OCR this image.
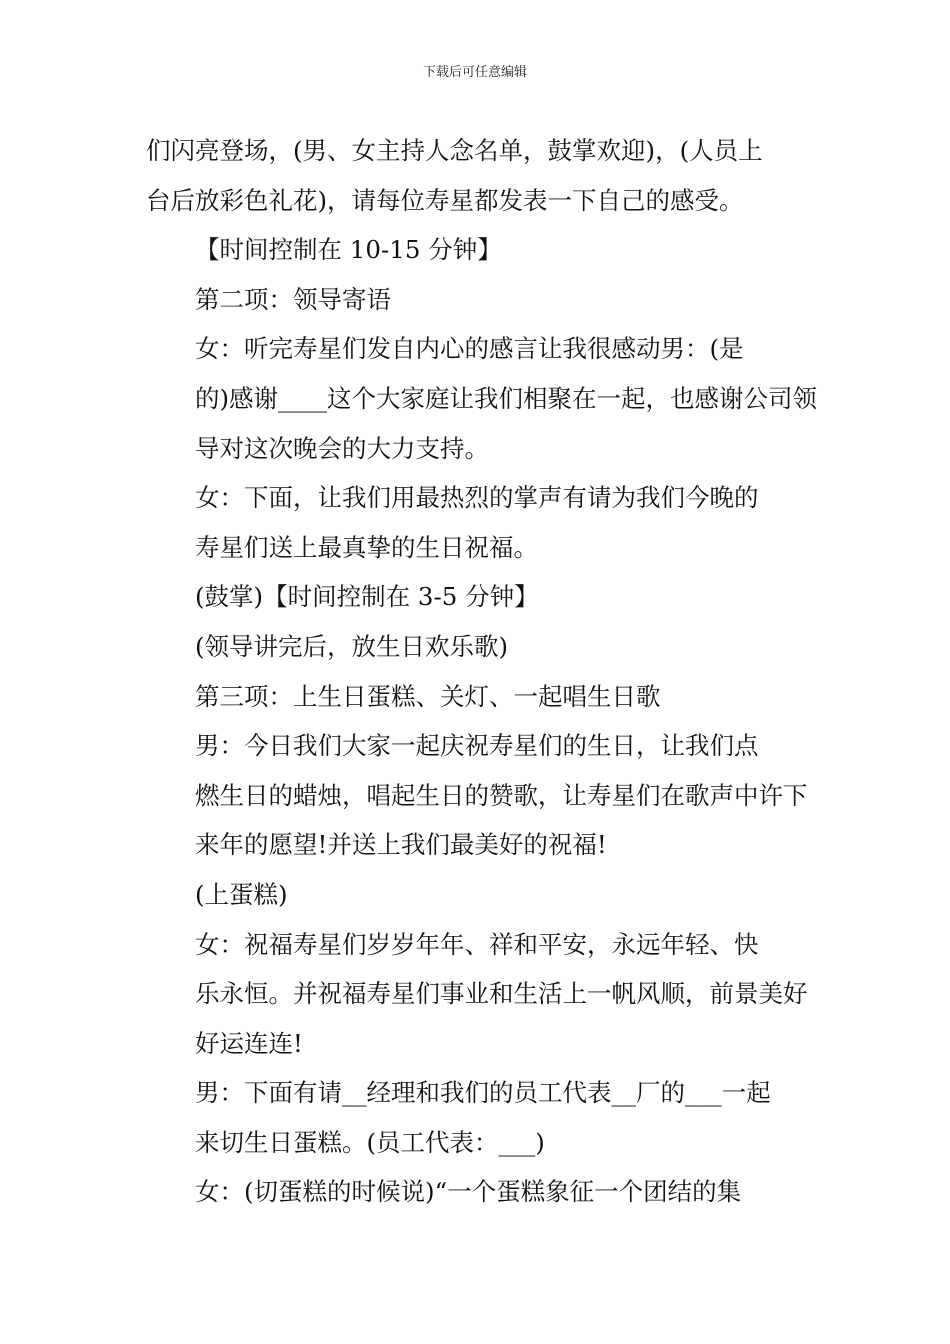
下载后可任意编辑

们闪亮登场，(男、女主持人念名单，鼓掌欢迎)，(人员上
台后放彩色礼花)，请每位寿星都发表一下自己的感受。

【时间控制在 10-15 分钟】

第二项：领导寄语

女：听完寿星们发自内心的感言让我很感动男：(是
的)感谢____这个大家庭让我们相聚在一起，也感谢公司领
导对这次晚会的大力支持。

女：下面，让我们用最热烈的掌声有请为我们今晚的
寿星们送上最真挚的生日祝福。

(鼓掌)【时间控制在 3-5 分钟】

(领导讲完后，放生日欢乐歌)

第三项：上生日蛋糕、关灯、一起唱生日歌

男：今日我们大家一起庆祝寿星们的生日，让我们点
燃生日的蜡烛，唱起生日的赞歌，让寿星们在歌声中许下
来年的愿望!并送上我们最美好的祝福!

(上蛋糕)

女：祝福寿星们岁岁年年、祥和平安，永远年轻、快
乐永恒。并祝福寿星们事业和生活上一帆风顺，前景美好
好运连连!

男：下面有请__经理和我们的员工代表__厂的___一起
来切生日蛋糕。(员工代表：___)

女：(切蛋糕的时候说)“一个蛋糕象征一个团结的集
